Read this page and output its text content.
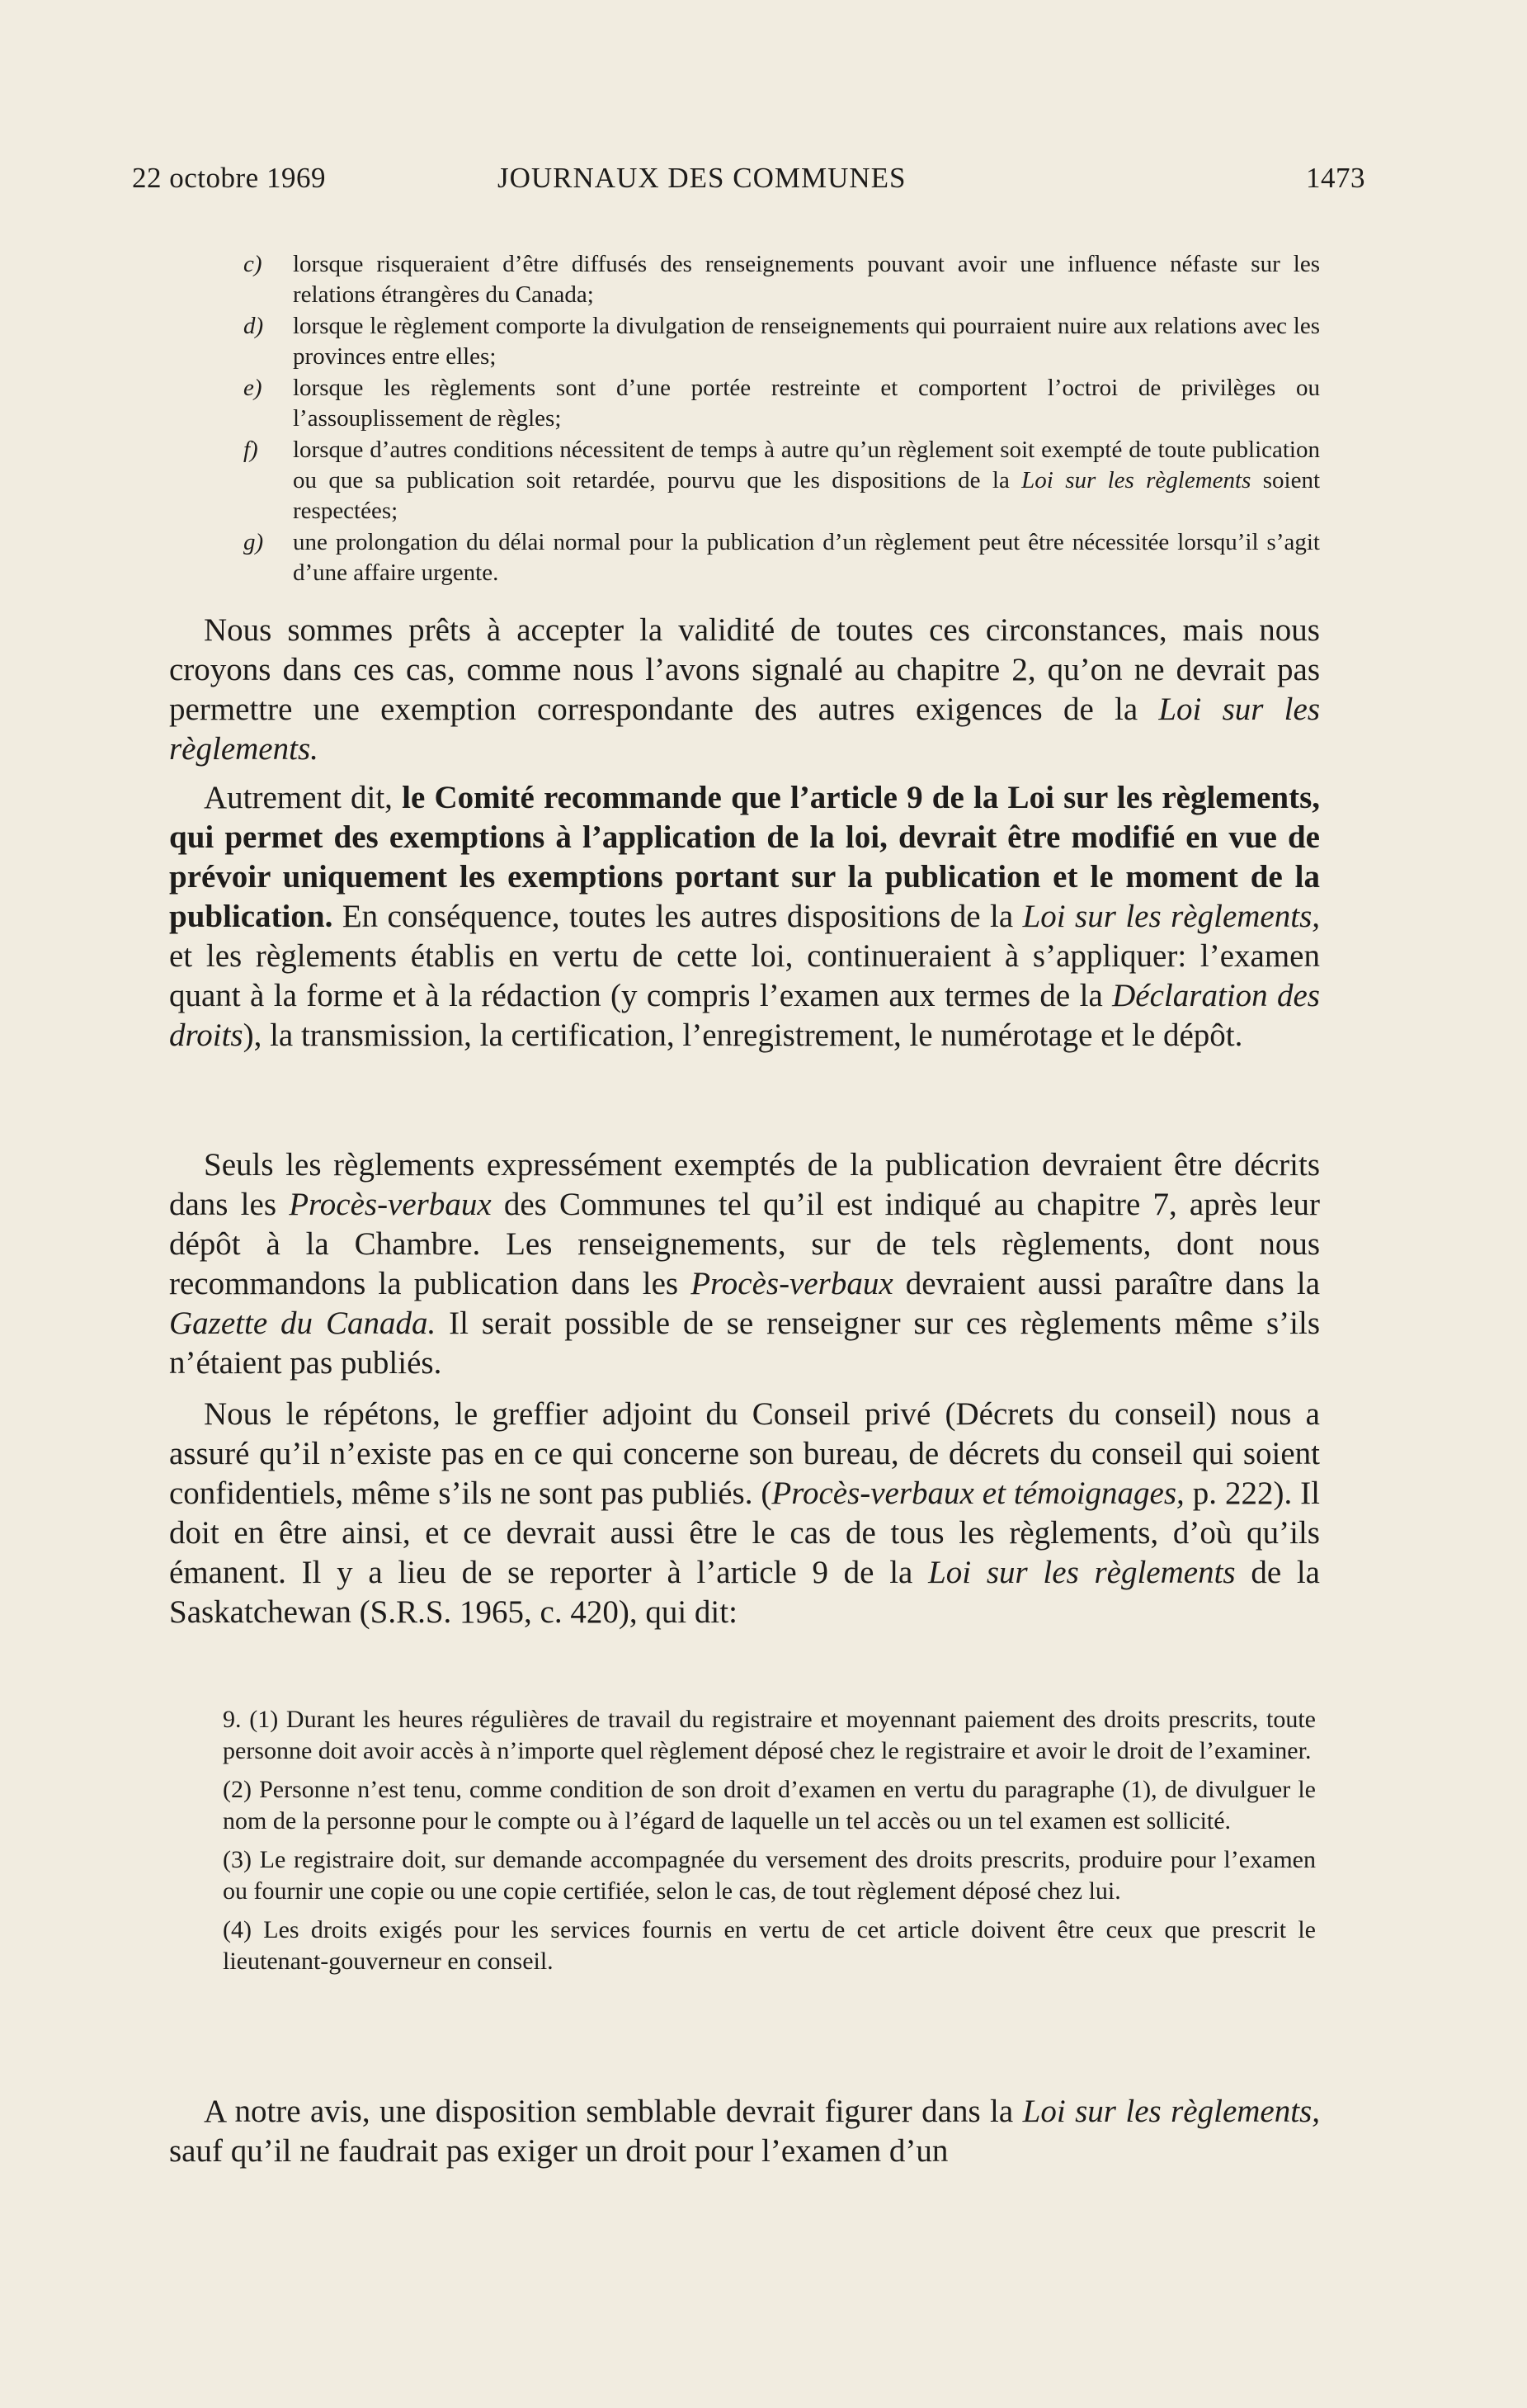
22 octobre 1969	JOURNAUX DES COMMUNES	1473
c) lorsque risqueraient d’être diffusés des renseignements pouvant avoir une influence néfaste sur les relations étrangères du Canada;
d) lorsque le règlement comporte la divulgation de renseignements qui pourraient nuire aux relations avec les provinces entre elles;
e) lorsque les règlements sont d’une portée restreinte et comportent l’octroi de privilèges ou l’assouplissement de règles;
f) lorsque d’autres conditions nécessitent de temps à autre qu’un règlement soit exempté de toute publication ou que sa publication soit retardée, pourvu que les dispositions de la Loi sur les règlements soient respectées;
g) une prolongation du délai normal pour la publication d’un règlement peut être nécessitée lorsqu’il s’agit d’une affaire urgente.

Nous sommes prêts à accepter la validité de toutes ces circonstances, mais nous croyons dans ces cas, comme nous l’avons signalé au chapitre 2, qu’on ne devrait pas permettre une exemption correspondante des autres exigences de la Loi sur les règlements.

Autrement dit, le Comité recommande que l’article 9 de la Loi sur les règlements, qui permet des exemptions à l’application de la loi, devrait être modifié en vue de prévoir uniquement les exemptions portant sur la publication et le moment de la publication. En conséquence, toutes les autres dispositions de la Loi sur les règlements, et les règlements établis en vertu de cette loi, continueraient à s’appliquer: l’examen quant à la forme et à la rédaction (y compris l’examen aux termes de la Déclaration des droits), la transmission, la certification, l’enregistrement, le numérotage et le dépôt.

Seuls les règlements expressément exemptés de la publication devraient être décrits dans les Procès-verbaux des Communes tel qu’il est indiqué au chapitre 7, après leur dépôt à la Chambre. Les renseignements, sur de tels règlements, dont nous recommandons la publication dans les Procès-verbaux devraient aussi paraître dans la Gazette du Canada. Il serait possible de se renseigner sur ces règlements même s’ils n’étaient pas publiés.

Nous le répétons, le greffier adjoint du Conseil privé (Décrets du conseil) nous a assuré qu’il n’existe pas en ce qui concerne son bureau, de décrets du conseil qui soient confidentiels, même s’ils ne sont pas publiés. (Procès-verbaux et témoignages, p. 222). Il doit en être ainsi, et ce devrait aussi être le cas de tous les règlements, d’où qu’ils émanent. Il y a lieu de se reporter à l’article 9 de la Loi sur les règlements de la Saskatchewan (S.R.S. 1965, c. 420), qui dit:

9. (1) Durant les heures régulières de travail du registraire et moyennant paiement des droits prescrits, toute personne doit avoir accès à n’importe quel règlement déposé chez le registraire et avoir le droit de l’examiner.

(2) Personne n’est tenu, comme condition de son droit d’examen en vertu du paragraphe (1), de divulguer le nom de la personne pour le compte ou à l’égard de laquelle un tel accès ou un tel examen est sollicité.

(3) Le registraire doit, sur demande accompagnée du versement des droits prescrits, produire pour l’examen ou fournir une copie ou une copie certifiée, selon le cas, de tout règlement déposé chez lui.

(4) Les droits exigés pour les services fournis en vertu de cet article doivent être ceux que prescrit le lieutenant-gouverneur en conseil.

A notre avis, une disposition semblable devrait figurer dans la Loi sur les règlements, sauf qu’il ne faudrait pas exiger un droit pour l’examen d’un
